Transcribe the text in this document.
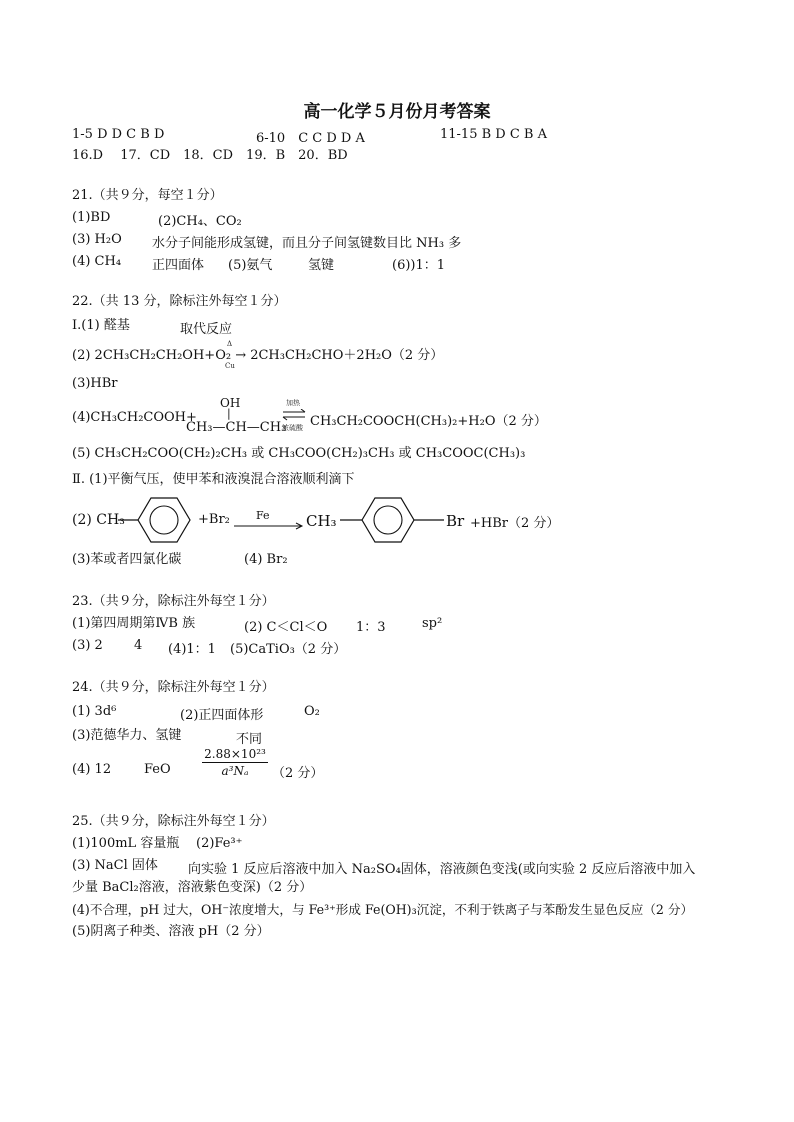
高一化学５月份月考答案
1-5 D D C B D	6-10　C C D D A	11-15 B D C B A
16.D　 17．CD　18．CD　19．B　20．BD
21.（共９分，每空１分）
(1)BD	(2)CH₄、CO₂
(3) H₂O 水分子间能形成氢键，而且分子间氢键数目比 NH₃ 多
(4) CH₄ 正四面体 (5)氨气	氢键	(6))1：1
22.（共 13 分，除标注外每空１分）
Ⅰ.(1) 醛基	取代反应
(2) 2CH₃CH₂CH₂OH+O₂ → 2CH₃CH₂CHO＋2H₂O（2 分）
Δ
Cu
(3)HBr
(4)CH₃CH₂COOH+
OH
|
CH₃—CH—CH₃
加热
浓硫酸 CH₃CH₂COOCH(CH₃)₂+H₂O（2 分）
(5) CH₃CH₂COO(CH₂)₂CH₃ 或 CH₃COO(CH₂)₃CH₃ 或 CH₃COOC(CH₃)₃
Ⅱ. (1)平衡气压，使甲苯和液溴混合溶液顺利滴下
(2) CH₃	+Br₂ Fe CH₃	Br +HBr（2 分）
(3)苯或者四氯化碳	(4) Br₂
23.（共９分，除标注外每空１分）
(1)第四周期第ⅣB 族	(2) C＜Cl＜O 1：3	sp²
(3) 2 4 (4)1：1 (5)CaTiO₃（2 分）
24.（共９分，除标注外每空１分）
(1) 3d⁶	(2)正四面体形	O₂
(3)范德华力、氢键	不同
(4) 12	FeO
2.88×10²³
a³Nₐ	（2 分）
25.（共９分，除标注外每空１分）
(1)100mL 容量瓶 (2)Fe³⁺
(3) NaCl 固体 向实验 1 反应后溶液中加入 Na₂SO₄固体，溶液颜色变浅(或向实验 2 反应后溶液中加入
少量 BaCl₂溶液，溶液紫色变深)（2 分）
(4)不合理，pH 过大，OH⁻浓度增大，与 Fe³⁺形成 Fe(OH)₃沉淀，不利于铁离子与苯酚发生显色反应（2 分）
(5)阴离子种类、溶液 pH（2 分）
